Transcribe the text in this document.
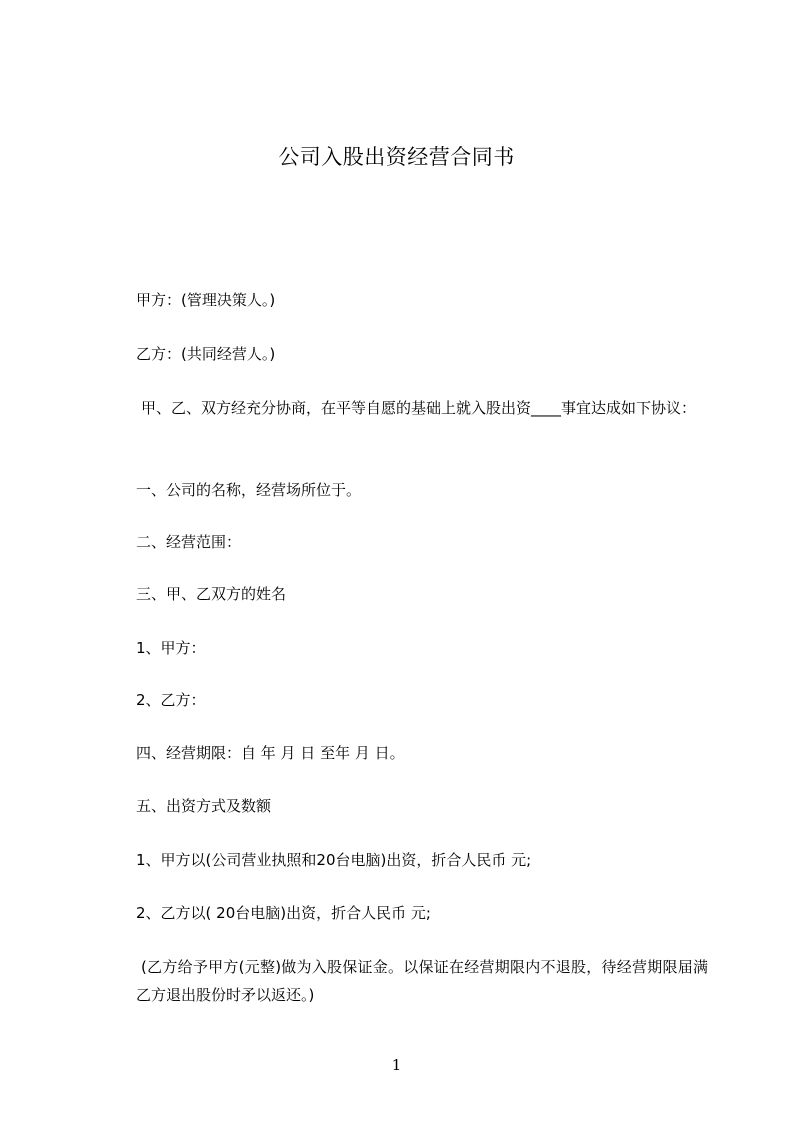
公司入股出资经营合同书
甲方：(管理决策人。)
乙方：(共同经营人。)
甲、乙、双方经充分协商，在平等自愿的基础上就入股出资____事宜达成如下协议：
一、公司的名称，经营场所位于。
二、经营范围：
三、甲、乙双方的姓名
1、甲方：
2、乙方：
四、经营期限：自 年 月 日 至年 月 日。
五、出资方式及数额
1、甲方以(公司营业执照和20台电脑)出资，折合人民币 元;
2、乙方以( 20台电脑)出资，折合人民币 元;
(乙方给予甲方(元整)做为入股保证金。以保证在经营期限内不退股，待经营期限届满乙方退出股份时矛以返还。)
1
